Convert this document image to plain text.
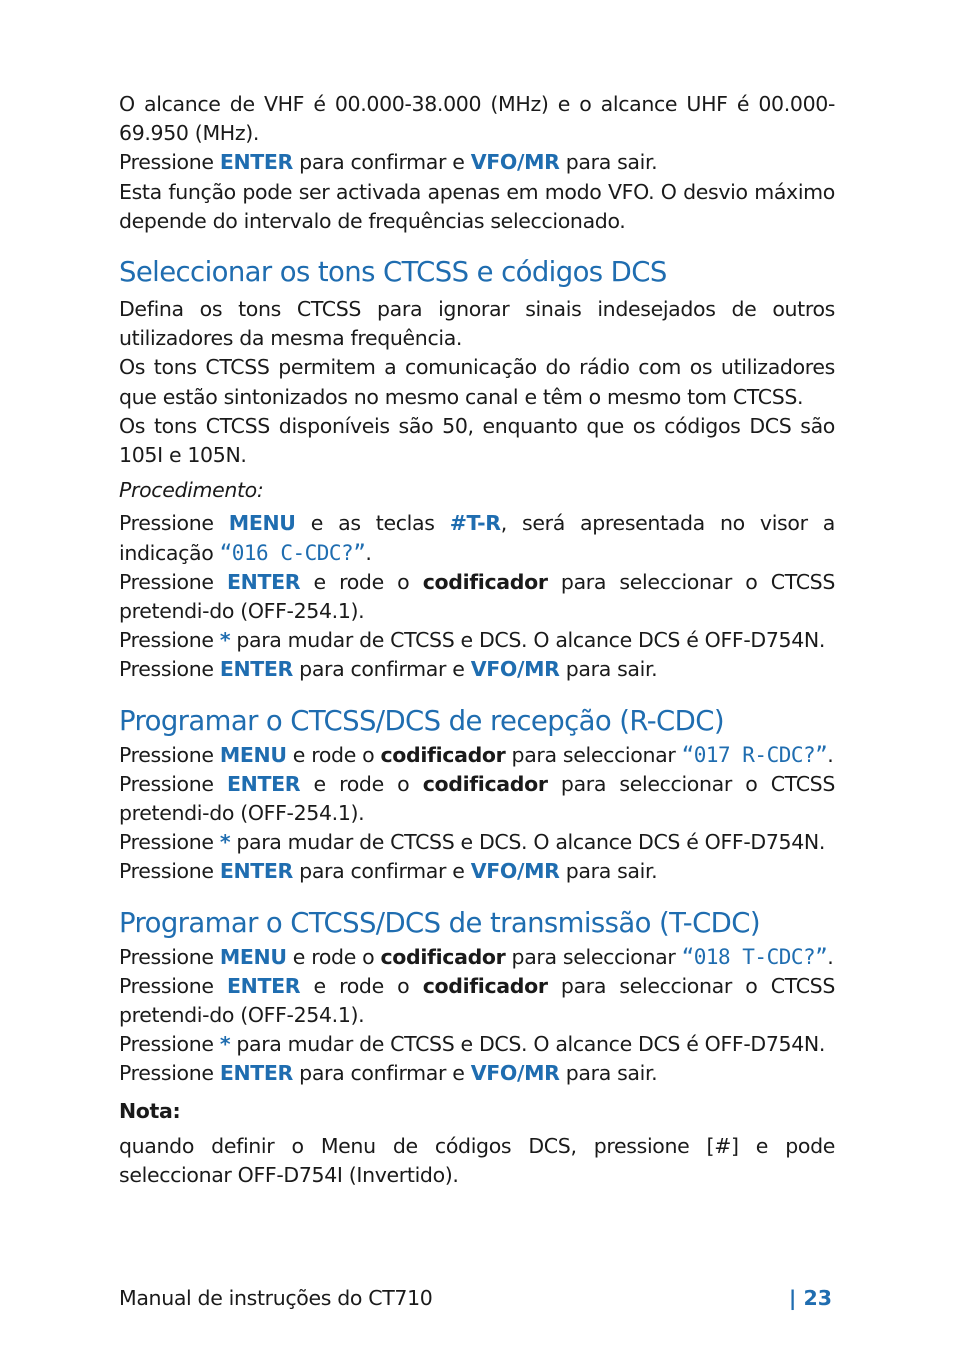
O alcance de VHF é 00.000-38.000 (MHz) e o alcance UHF é 00.000-69.950 (MHz).

Pressione ENTER para confirmar e VFO/MR para sair.

Esta função pode ser activada apenas em modo VFO. O desvio máximo depende do intervalo de frequências seleccionado.

Seleccionar os tons CTCSS e códigos DCS

Defina os tons CTCSS para ignorar sinais indesejados de outros utilizadores da mesma frequência.

Os tons CTCSS permitem a comunicação do rádio com os utilizadores que estão sintonizados no mesmo canal e têm o mesmo tom CTCSS.

Os tons CTCSS disponíveis são 50, enquanto que os códigos DCS são 105I e 105N.

Procedimento:

Pressione MENU e as teclas #T-R, será apresentada no visor a indicação “016 C-CDC?”.

Pressione ENTER e rode o codificador para seleccionar o CTCSS pretendi-do (OFF-254.1).

Pressione * para mudar de CTCSS e DCS. O alcance DCS é OFF-D754N.

Pressione ENTER para confirmar e VFO/MR para sair.

Programar o CTCSS/DCS de recepção (R-CDC)

Pressione MENU e rode o codificador para seleccionar “017 R-CDC?”.

Pressione ENTER e rode o codificador para seleccionar o CTCSS pretendi-do (OFF-254.1).

Pressione * para mudar de CTCSS e DCS. O alcance DCS é OFF-D754N.

Pressione ENTER para confirmar e VFO/MR para sair.

Programar o CTCSS/DCS de transmissão (T-CDC)

Pressione MENU e rode o codificador para seleccionar “018 T-CDC?”.

Pressione ENTER e rode o codificador para seleccionar o CTCSS pretendi-do (OFF-254.1).

Pressione * para mudar de CTCSS e DCS. O alcance DCS é OFF-D754N.

Pressione ENTER para confirmar e VFO/MR para sair.

Nota:

quando definir o Menu de códigos DCS, pressione [#] e pode seleccionar OFF-D754I (Invertido).

Manual de instruções do CT710	| 23
